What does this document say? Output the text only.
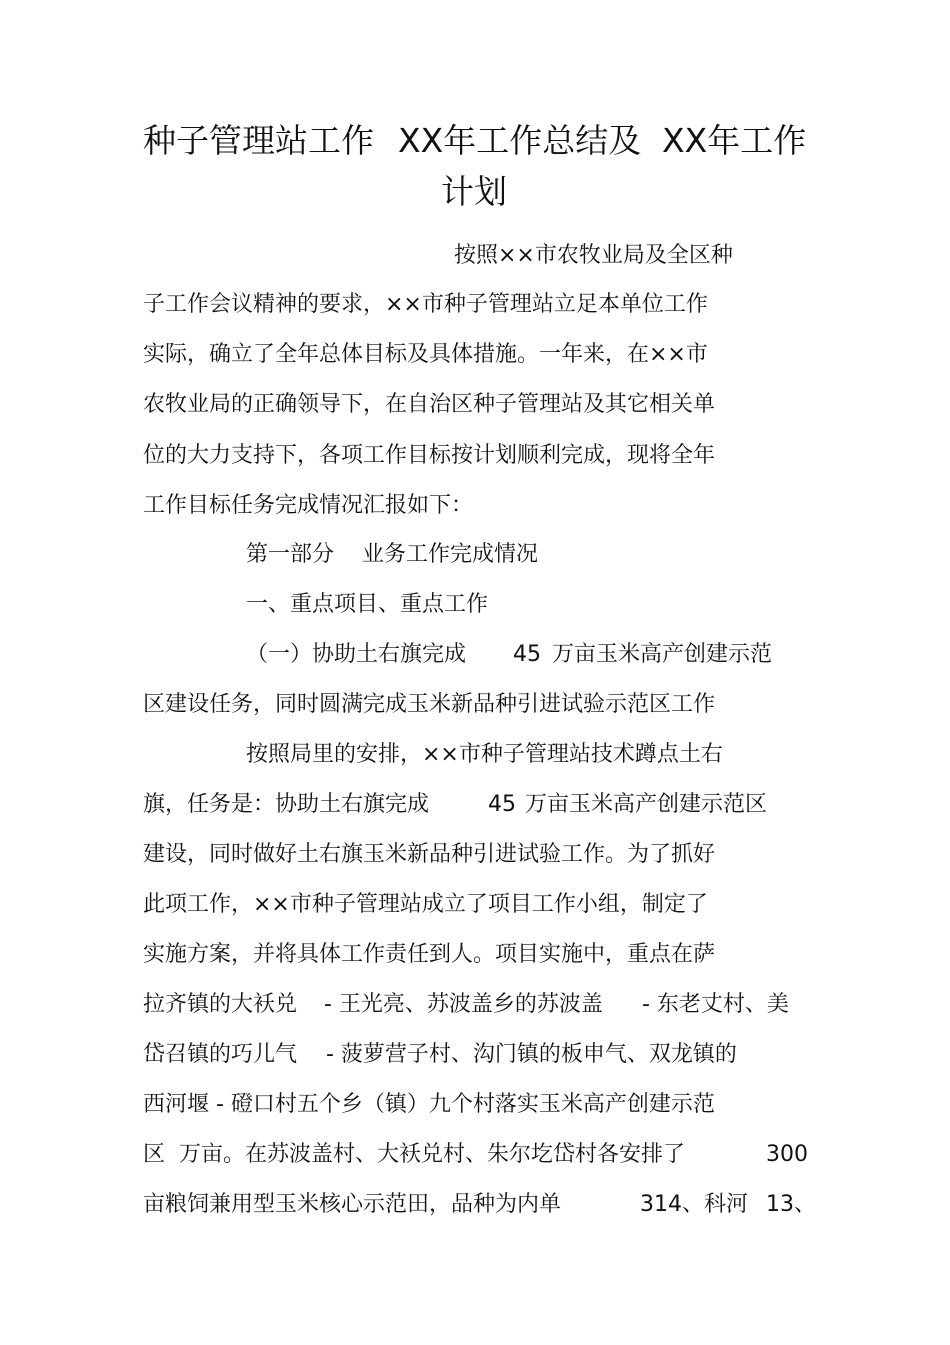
种子管理站工作 XX年工作总结及 XX年工作
计划
按照××市农牧业局及全区种
子工作会议精神的要求，××市种子管理站立足本单位工作
实际，确立了全年总体目标及具体措施。一年来，在××市
农牧业局的正确领导下，在自治区种子管理站及其它相关单
位的大力支持下，各项工作目标按计划顺利完成，现将全年
工作目标任务完成情况汇报如下：
第一部分    业务工作完成情况
一、重点项目、重点工作
（一）协助土右旗完成 45 万亩玉米高产创建示范
区建设任务，同时圆满完成玉米新品种引进试验示范区工作
按照局里的安排，××市种子管理站技术蹲点土右
旗，任务是：协助土右旗完成	45 万亩玉米高产创建示范区
建设，同时做好土右旗玉米新品种引进试验工作。为了抓好
此项工作，××市种子管理站成立了项目工作小组，制定了
实施方案，并将具体工作责任到人。项目实施中，重点在萨
拉齐镇的大袄兑 - 王光亮、苏波盖乡的苏波盖 - 东老丈村、美
岱召镇的巧儿气 - 菠萝营子村、沟门镇的板申气、双龙镇的
西河堰 - 磴口村五个乡（镇）九个村落实玉米高产创建示范
区  万亩。在苏波盖村、大袄兑村、朱尔圪岱村各安排了	300
亩粮饲兼用型玉米核心示范田，品种为内单	314、科河 13、
